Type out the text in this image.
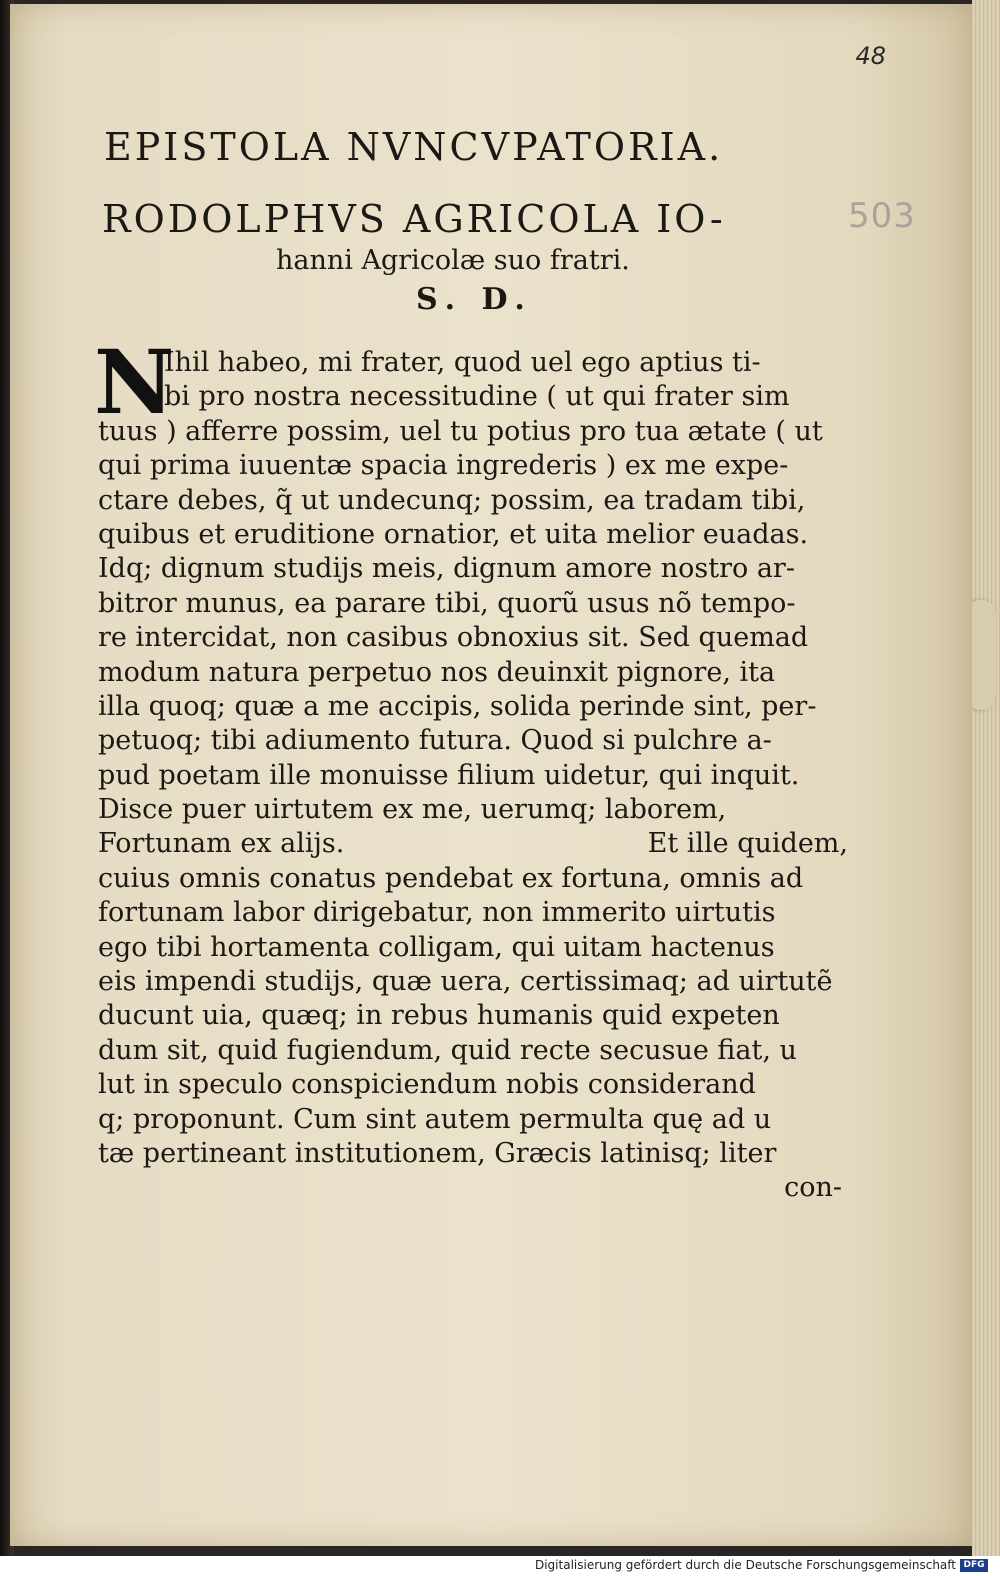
48
503
EPISTOLA NVNCVPATORIA.
RODOLPHVS AGRICOLA IO-
hanni Agricolæ suo fratri.
S. D.
N
Ihil habeo, mi frater, quod uel ego aptius ti-
bi pro nostra necessitudine ( ut qui frater sim
tuus ) afferre possim, uel tu potius pro tua ætate ( ut
qui prima iuuentæ spacia ingrederis ) ex me expe-
ctare debes, q̃ ut undecunq; possim, ea tradam tibi,
quibus et eruditione ornatior, et uita melior euadas.
Idq; dignum studijs meis, dignum amore nostro ar-
bitror munus, ea parare tibi, quorũ usus nõ tempo-
re intercidat, non casibus obnoxius sit. Sed quemad
modum natura perpetuo nos deuinxit pignore, ita
illa quoq; quæ a me accipis, solida perinde sint, per-
petuoq; tibi adiumento futura. Quod si pulchre a-
pud poetam ille monuisse filium uidetur, qui inquit.
Disce puer uirtutem ex me, uerumq; laborem,
Fortunam ex alijs.	Et ille quidem,
cuius omnis conatus pendebat ex fortuna, omnis ad
fortunam labor dirigebatur, non immerito uirtutis
ego tibi hortamenta colligam, qui uitam hactenus
eis impendi studijs, quæ uera, certissimaq; ad uirtutẽ
ducunt uia, quæq; in rebus humanis quid expeten
dum sit, quid fugiendum, quid recte secusue fiat, u
lut in speculo conspiciendum nobis considerand
q; proponunt. Cum sint autem permulta quę ad u
tæ pertineant institutionem, Græcis latinisq; liter
con-
Digitalisierung gefördert durch die Deutsche Forschungsgemeinschaft DFG
